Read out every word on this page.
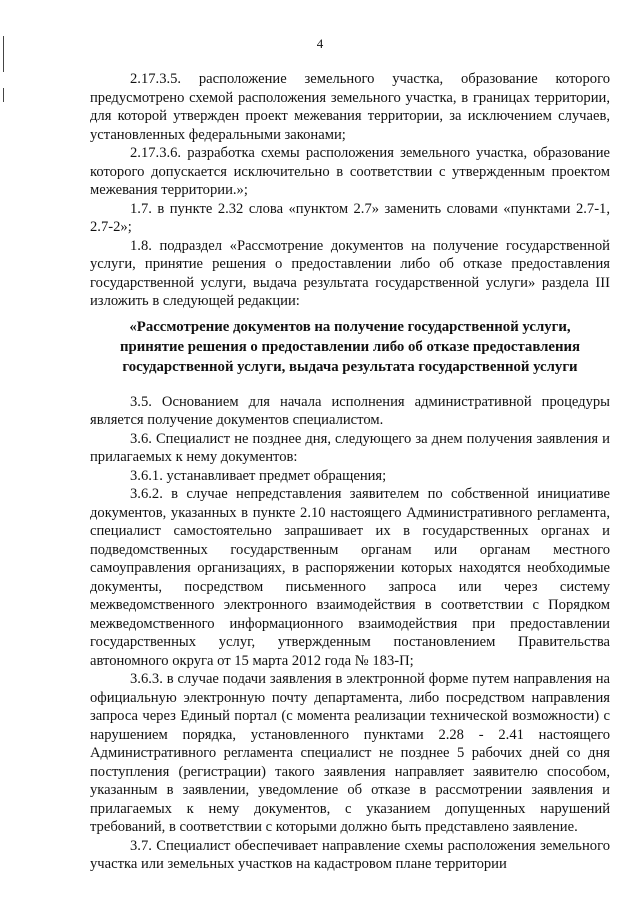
4

2.17.3.5. расположение земельного участка, образование которого предусмотрено схемой расположения земельного участка, в границах территории, для которой утвержден проект межевания территории, за исключением случаев, установленных федеральными законами;

2.17.3.6. разработка схемы расположения земельного участка, образование которого допускается исключительно в соответствии с утвержденным проектом межевания территории.»;

1.7. в пункте 2.32 слова «пунктом 2.7» заменить словами «пунктами 2.7-1, 2.7-2»;

1.8. подраздел «Рассмотрение документов на получение государственной услуги, принятие решения о предоставлении либо об отказе предоставления государственной услуги, выдача результата государственной услуги» раздела III изложить в следующей редакции:

«Рассмотрение документов на получение государственной услуги,
принятие решения о предоставлении либо об отказе предоставления
государственной услуги, выдача результата государственной услуги

3.5. Основанием для начала исполнения административной процедуры является получение документов специалистом.

3.6. Специалист не позднее дня, следующего за днем получения заявления и прилагаемых к нему документов:

3.6.1. устанавливает предмет обращения;

3.6.2. в случае непредставления заявителем по собственной инициативе документов, указанных в пункте 2.10 настоящего Административного регламента, специалист самостоятельно запрашивает их в государственных органах и подведомственных государственным органам или органам местного самоуправления организациях, в распоряжении которых находятся необходимые документы, посредством письменного запроса или через систему межведомственного электронного взаимодействия в соответствии с Порядком межведомственного информационного взаимодействия при предоставлении государственных услуг, утвержденным постановлением Правительства автономного округа от 15 марта 2012 года № 183-П;

3.6.3. в случае подачи заявления в электронной форме путем направления на официальную электронную почту департамента, либо посредством направления запроса через Единый портал (с момента реализации технической возможности) с нарушением порядка, установленного пунктами 2.28 - 2.41 настоящего Административного регламента специалист не позднее 5 рабочих дней со дня поступления (регистрации) такого заявления направляет заявителю способом, указанным в заявлении, уведомление об отказе в рассмотрении заявления и прилагаемых к нему документов, с указанием допущенных нарушений требований, в соответствии с которыми должно быть представлено заявление.

3.7. Специалист обеспечивает направление схемы расположения земельного участка или земельных участков на кадастровом плане территории
